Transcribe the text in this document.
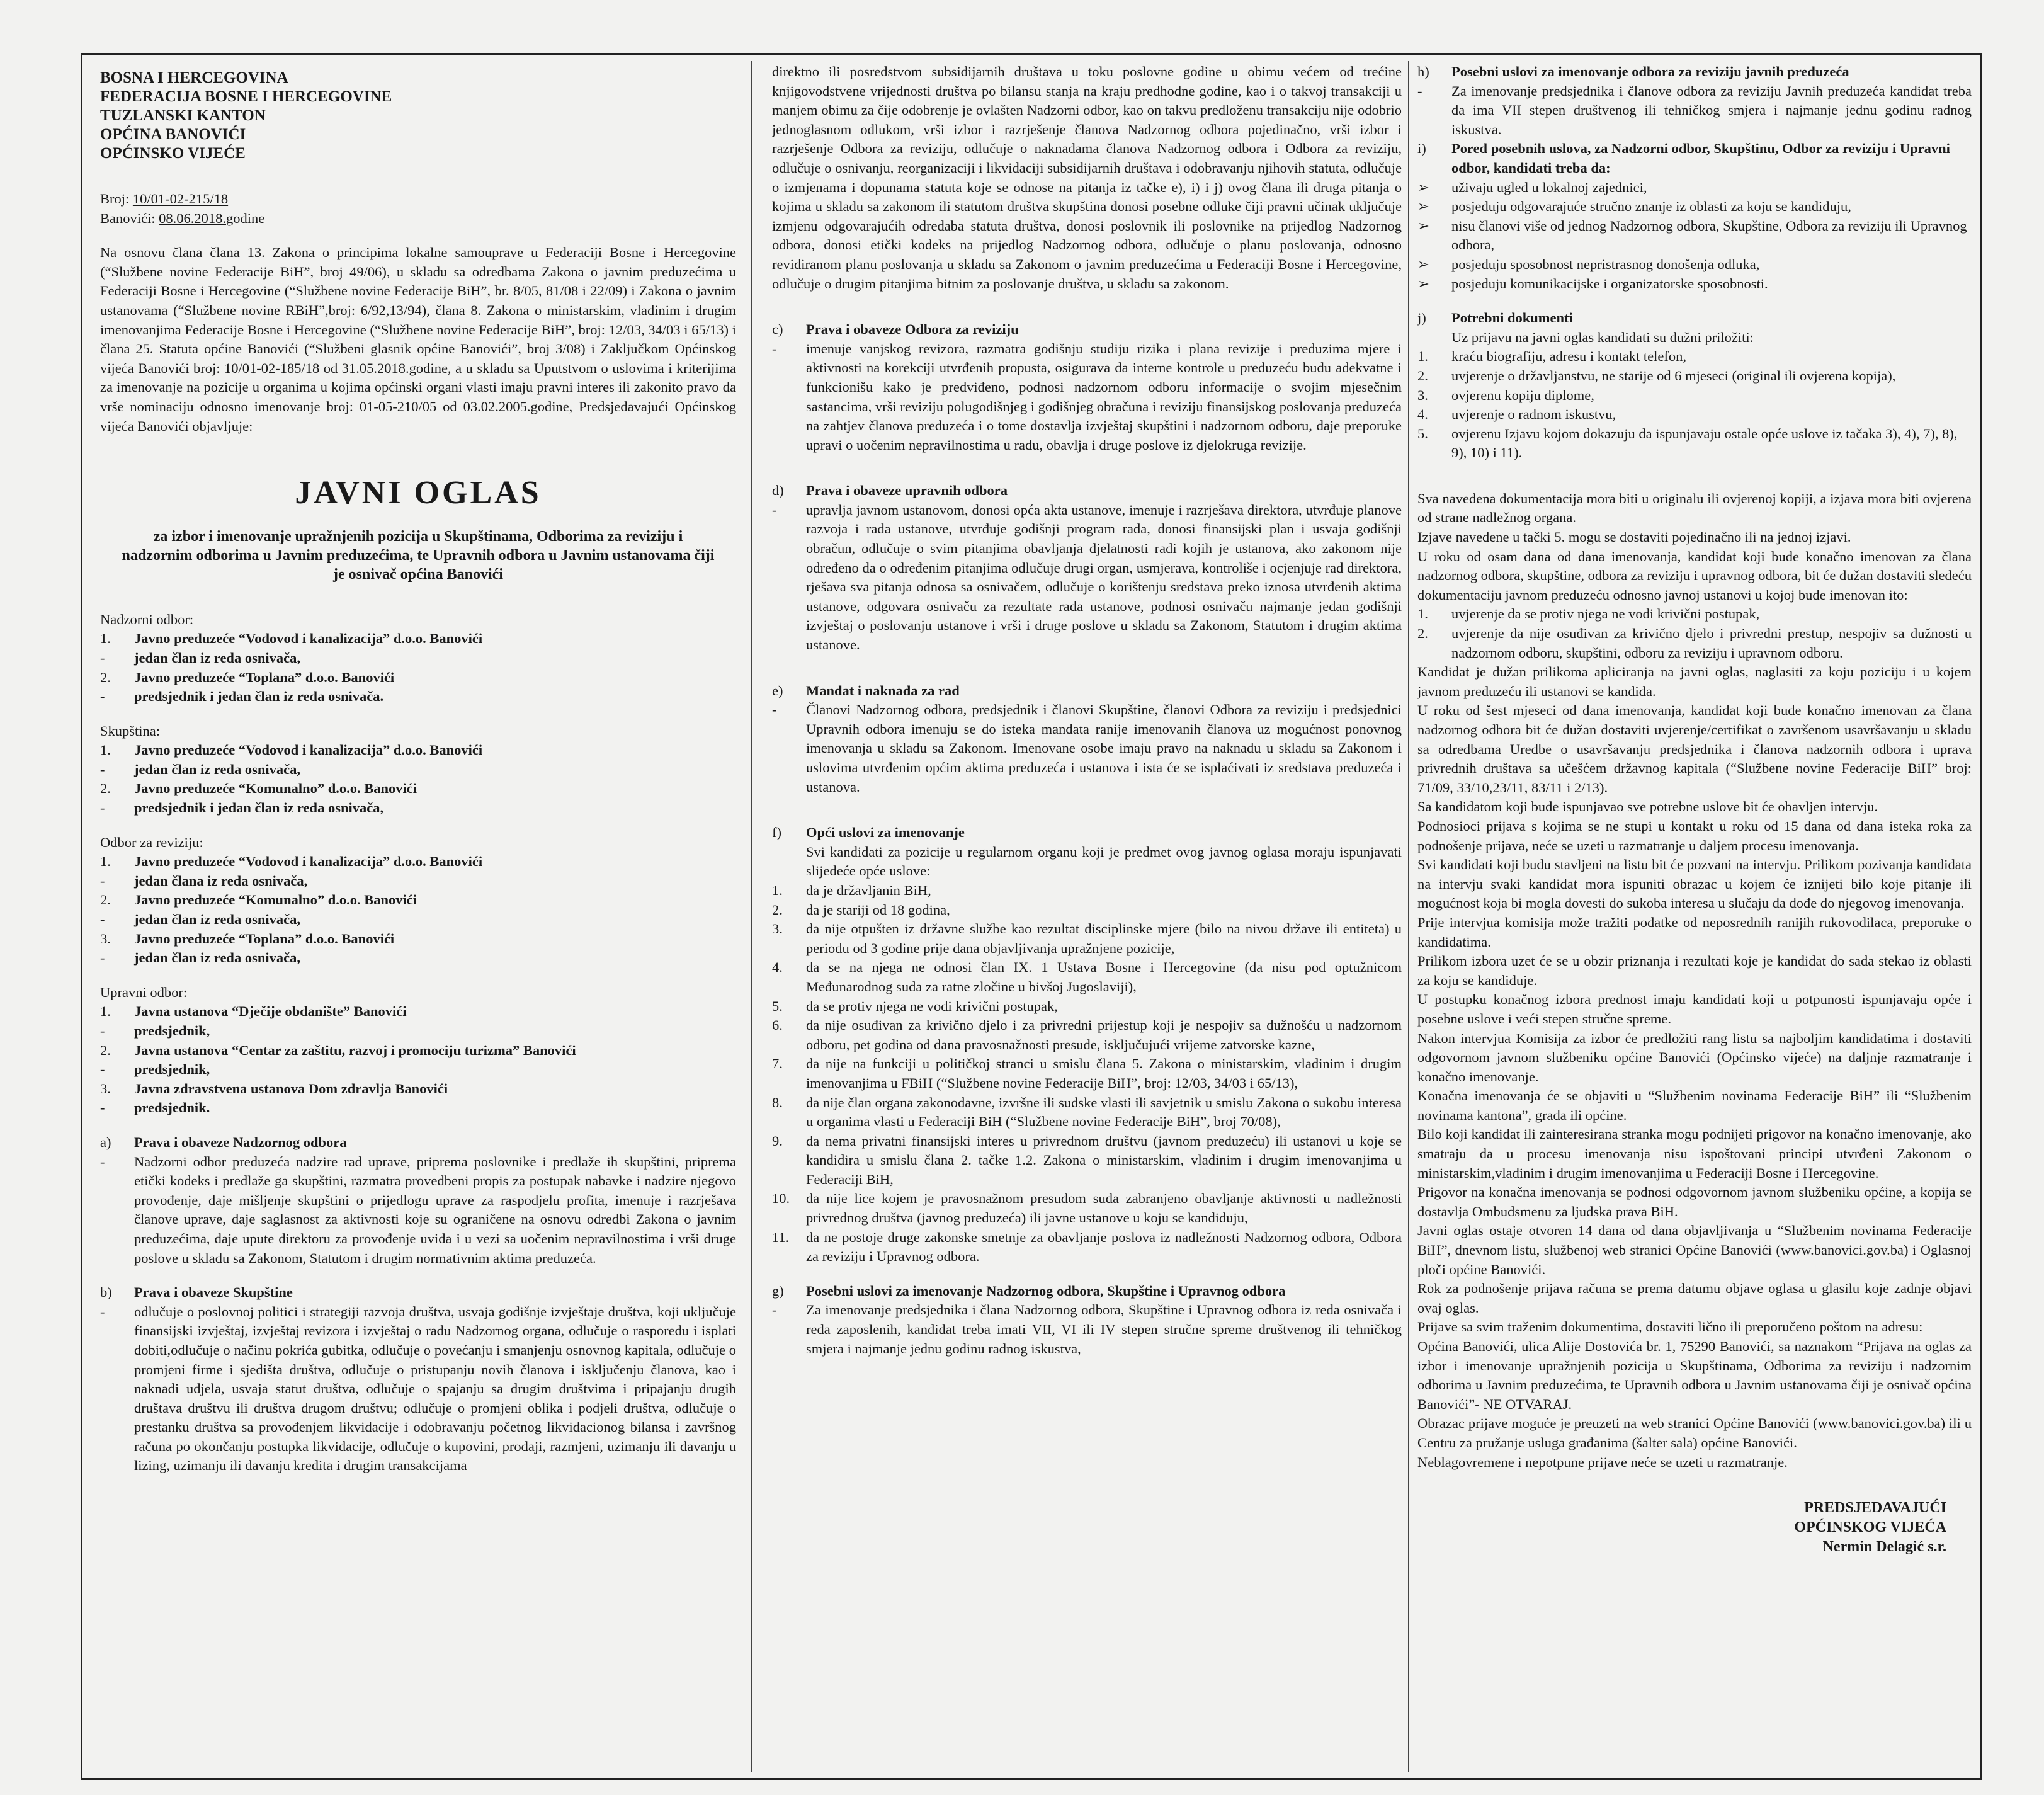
BOSNA I HERCEGOVINA

FEDERACIJA BOSNE I HERCEGOVINE

TUZLANSKI KANTON

OPĆINA BANOVIĆI

OPĆINSKO VIJEĆE

Broj: 10/01-02-215/18

Banovići: 08.06.2018.godine

Na osnovu člana člana 13. Zakona o principima lokalne samouprave u Federaciji Bosne i Hercegovine (“Službene novine Federacije BiH”, broj 49/06), u skladu sa odredbama Zakona o javnim preduzećima u Federaciji Bosne i Hercegovine (“Službene novine Federacije BiH”, br. 8/05, 81/08 i 22/09) i Zakona o javnim ustanovama (“Službene novine RBiH”,broj: 6/92,13/94), člana 8. Zakona o ministarskim, vladinim i drugim imenovanjima Federacije Bosne i Hercegovine (“Službene novine Federacije BiH”, broj: 12/03, 34/03 i 65/13) i člana 25. Statuta općine Banovići (“Službeni glasnik općine Banovići”, broj 3/08) i Zaključkom Općinskog vijeća Banovići broj: 10/01-02-185/18 od 31.05.2018.godine, a u skladu sa Uputstvom o uslovima i kriterijima za imenovanje na pozicije u organima u kojima općinski organi vlasti imaju pravni interes ili zakonito pravo da vrše nominaciju odnosno imenovanje broj: 01-05-210/05 od 03.02.2005.godine, Predsjedavajući Općinskog vijeća Banovići objavljuje:

JAVNI OGLAS

za izbor i imenovanje upražnjenih pozicija u Skupštinama, Odborima za reviziju i nadzornim odborima u Javnim preduzećima, te Upravnih odbora u Javnim ustanovama čiji je osnivač općina Banovići

Nadzorni odbor:

1.	Javno preduzeće “Vodovod i kanalizacija” d.o.o. Banovići
-	jedan član iz reda osnivača,
2.	Javno preduzeće “Toplana” d.o.o. Banovići
-	predsjednik i jedan član iz reda osnivača.

Skupština:

1.	Javno preduzeće “Vodovod i kanalizacija” d.o.o. Banovići
-	jedan član iz reda osnivača,
2.	Javno preduzeće “Komunalno” d.o.o. Banovići
-	predsjednik i jedan član iz reda osnivača,

Odbor za reviziju:

1.	Javno preduzeće “Vodovod i kanalizacija” d.o.o. Banovići
-	jedan člana iz reda osnivača,
2.	Javno preduzeće “Komunalno” d.o.o. Banovići
-	jedan član iz reda osnivača,
3.	Javno preduzeće “Toplana” d.o.o. Banovići
-	jedan član iz reda osnivača,

Upravni odbor:

1.	Javna ustanova “Dječije obdanište” Banovići
-	predsjednik,
2.	Javna ustanova “Centar za zaštitu, razvoj i promociju turizma” Banovići
-	predsjednik,
3.	Javna zdravstvena ustanova Dom zdravlja Banovići
-	predsjednik.
a)	Prava i obaveze Nadzornog odbora
-	Nadzorni odbor preduzeća nadzire rad uprave, priprema poslovnike i predlaže ih skupštini, priprema etički kodeks i predlaže ga skupštini, razmatra provedbeni propis za postupak nabavke i nadzire njegovo provođenje, daje mišljenje skupštini o prijedlogu uprave za raspodjelu profita, imenuje i razrješava članove uprave, daje saglasnost za aktivnosti koje su ograničene na osnovu odredbi Zakona o javnim preduzećima, daje upute direktoru za provođenje uvida i u vezi sa uočenim nepravilnostima i vrši druge poslove u skladu sa Zakonom, Statutom i drugim normativnim aktima preduzeća.
b)	Prava i obaveze Skupštine
-	odlučuje o poslovnoj politici i strategiji razvoja društva, usvaja godišnje izvještaje društva, koji uključuje finansijski izvještaj, izvještaj revizora i izvještaj o radu Nadzornog organa, odlučuje o rasporedu i isplati dobiti,odlučuje o načinu pokrića gubitka, odlučuje o povećanju i smanjenju osnovnog kapitala, odlučuje o promjeni firme i sjedišta društva, odlučuje o pristupanju novih članova i isključenju članova, kao i naknadi udjela, usvaja statut društva, odlučuje o spajanju sa drugim društvima i pripajanju drugih društava društvu ili društva drugom društvu; odlučuje o promjeni oblika i podjeli društva, odlučuje o prestanku društva sa provođenjem likvidacije i odobravanju početnog likvidacionog bilansa i završnog računa po okončanju postupka likvidacije, odlučuje o kupovini, prodaji, razmjeni, uzimanju ili davanju u lizing, uzimanju ili davanju kredita i drugim transakcijama

direktno ili posredstvom subsidijarnih društava u toku poslovne godine u obimu većem od trećine knjigovodstvene vrijednosti društva po bilansu stanja na kraju predhodne godine, kao i o takvoj transakciji u manjem obimu za čije odobrenje je ovlašten Nadzorni odbor, kao on takvu predloženu transakciju nije odobrio jednoglasnom odlukom, vrši izbor i razrješenje članova Nadzornog odbora pojedinačno, vrši izbor i razrješenje Odbora za reviziju, odlučuje o naknadama članova Nadzornog odbora i Odbora za reviziju, odlučuje o osnivanju, reorganizaciji i likvidaciji subsidijarnih društava i odobravanju njihovih statuta, odlučuje o izmjenama i dopunama statuta koje se odnose na pitanja iz tačke e), i) i j) ovog člana ili druga pitanja o kojima u skladu sa zakonom ili statutom društva skupština donosi posebne odluke čiji pravni učinak uključuje izmjenu odgovarajućih odredaba statuta društva, donosi poslovnik ili poslovnike na prijedlog Nadzornog odbora, donosi etički kodeks na prijedlog Nadzornog odbora, odlučuje o planu poslovanja, odnosno revidiranom planu poslovanja u skladu sa Zakonom o javnim preduzećima u Federaciji Bosne i Hercegovine, odlučuje o drugim pitanjima bitnim za poslovanje društva, u skladu sa zakonom.

c)	Prava i obaveze Odbora za reviziju
-	imenuje vanjskog revizora, razmatra godišnju studiju rizika i plana revizije i preduzima mjere i aktivnosti na korekciji utvrđenih propusta, osigurava da interne kontrole u preduzeću budu adekvatne i funkcionišu kako je predviđeno, podnosi nadzornom odboru informacije o svojim mjesečnim sastancima, vrši reviziju polugodišnjeg i godišnjeg obračuna i reviziju finansijskog poslovanja preduzeća na zahtjev članova preduzeća i o tome dostavlja izvještaj skupštini i nadzornom odboru, daje preporuke upravi o uočenim nepravilnostima u radu, obavlja i druge poslove iz djelokruga revizije.
d)	Prava i obaveze upravnih odbora
-	upravlja javnom ustanovom, donosi opća akta ustanove, imenuje i razrješava direktora, utvrđuje planove razvoja i rada ustanove, utvrđuje godišnji program rada, donosi finansijski plan i usvaja godišnji obračun, odlučuje o svim pitanjima obavljanja djelatnosti radi kojih je ustanova, ako zakonom nije određeno da o određenim pitanjima odlučuje drugi organ, usmjerava, kontroliše i ocjenjuje rad direktora, rješava sva pitanja odnosa sa osnivačem, odlučuje o korištenju sredstava preko iznosa utvrđenih aktima ustanove, odgovara osnivaču za rezultate rada ustanove, podnosi osnivaču najmanje jedan godišnji izvještaj o poslovanju ustanove i vrši i druge poslove u skladu sa Zakonom, Statutom i drugim aktima ustanove.
e)	Mandat i naknada za rad
-	Članovi Nadzornog odbora, predsjednik i članovi Skupštine, članovi Odbora za reviziju i predsjednici Upravnih odbora imenuju se do isteka mandata ranije imenovanih članova uz mogućnost ponovnog imenovanja u skladu sa Zakonom. Imenovane osobe imaju pravo na naknadu u skladu sa Zakonom i uslovima utvrđenim općim aktima preduzeća i ustanova i ista će se isplaćivati iz sredstava preduzeća i ustanova.
f)	Opći uslovi za imenovanje
Svi kandidati za pozicije u regularnom organu koji je predmet ovog javnog oglasa moraju ispunjavati slijedeće opće uslove:
1.	da je državljanin BiH,
2.	da je stariji od 18 godina,
3.	da nije otpušten iz državne službe kao rezultat disciplinske mjere (bilo na nivou države ili entiteta) u periodu od 3 godine prije dana objavljivanja upražnjene pozicije,
4.	da se na njega ne odnosi član IX. 1 Ustava Bosne i Hercegovine (da nisu pod optužnicom Međunarodnog suda za ratne zločine u bivšoj Jugoslaviji),
5.	da se protiv njega ne vodi krivični postupak,
6.	da nije osuđivan za krivično djelo i za privredni prijestup koji je nespojiv sa dužnošću u nadzornom odboru, pet godina od dana pravosnažnosti presude, isključujući vrijeme zatvorske kazne,
7.	da nije na funkciji u političkoj stranci u smislu člana 5. Zakona o ministarskim, vladinim i drugim imenovanjima u FBiH (“Službene novine Federacije BiH”, broj: 12/03, 34/03 i 65/13),
8.	da nije član organa zakonodavne, izvršne ili sudske vlasti ili savjetnik u smislu Zakona o sukobu interesa u organima vlasti u Federaciji BiH (“Službene novine Federacije BiH”, broj 70/08),
9.	da nema privatni finansijski interes u privrednom društvu (javnom preduzeću) ili ustanovi u koje se kandidira u smislu člana 2. tačke 1.2. Zakona o ministarskim, vladinim i drugim imenovanjima u Federaciji BiH,
10.	da nije lice kojem je pravosnažnom presudom suda zabranjeno obavljanje aktivnosti u nadležnosti privrednog društva (javnog preduzeća) ili javne ustanove u koju se kandiduju,
11.	da ne postoje druge zakonske smetnje za obavljanje poslova iz nadležnosti Nadzornog odbora, Odbora za reviziju i Upravnog odbora.
g)	Posebni uslovi za imenovanje Nadzornog odbora, Skupštine i Upravnog odbora
-	Za imenovanje predsjednika i člana Nadzornog odbora, Skupštine i Upravnog odbora iz reda osnivača i reda zaposlenih, kandidat treba imati VII, VI ili IV stepen stručne spreme društvenog ili tehničkog smjera i najmanje jednu godinu radnog iskustva,
h)	Posebni uslovi za imenovanje odbora za reviziju javnih preduzeća
-	Za imenovanje predsjednika i članove odbora za reviziju Javnih preduzeća kandidat treba da ima VII stepen društvenog ili tehničkog smjera i najmanje jednu godinu radnog iskustva.
i)	Pored posebnih uslova, za Nadzorni odbor, Skupštinu, Odbor za reviziju i Upravni odbor, kandidati treba da:
➢	uživaju ugled u lokalnoj zajednici,
➢	posjeduju odgovarajuće stručno znanje iz oblasti za koju se kandiduju,
➢	nisu članovi više od jednog Nadzornog odbora, Skupštine, Odbora za reviziju ili Upravnog odbora,
➢	posjeduju sposobnost nepristrasnog donošenja odluka,
➢	posjeduju komunikacijske i organizatorske sposobnosti.
j)	Potrebni dokumenti
Uz prijavu na javni oglas kandidati su dužni priložiti:
1.	kraću biografiju, adresu i kontakt telefon,
2.	uvjerenje o državljanstvu, ne starije od 6 mjeseci (original ili ovjerena kopija),
3.	ovjerenu kopiju diplome,
4.	uvjerenje o radnom iskustvu,
5.	ovjerenu Izjavu kojom dokazuju da ispunjavaju ostale opće uslove iz tačaka 3), 4), 7), 8), 9), 10) i 11).

Sva navedena dokumentacija mora biti u originalu ili ovjerenoj kopiji, a izjava mora biti ovjerena od strane nadležnog organa.

Izjave navedene u tački 5. mogu se dostaviti pojedinačno ili na jednoj izjavi.

U roku od osam dana od dana imenovanja, kandidat koji bude konačno imenovan za člana nadzornog odbora, skupštine, odbora za reviziju i upravnog odbora, bit će dužan dostaviti sledeću dokumentaciju javnom preduzeću odnosno javnoj ustanovi u kojoj bude imenovan ito:

1.	uvjerenje da se protiv njega ne vodi krivični postupak,
2.	uvjerenje da nije osuđivan za krivično djelo i privredni prestup, nespojiv sa dužnosti u nadzornom odboru, skupštini, odboru za reviziju i upravnom odboru.

Kandidat je dužan prilikoma apliciranja na javni oglas, naglasiti za koju poziciju i u kojem javnom preduzeću ili ustanovi se kandida.

U roku od šest mjeseci od dana imenovanja, kandidat koji bude konačno imenovan za člana nadzornog odbora bit će dužan dostaviti uvjerenje/certifikat o završenom usavršavanju u skladu sa odredbama Uredbe o usavršavanju predsjednika i članova nadzornih odbora i uprava privrednih društava sa učešćem državnog kapitala (“Službene novine Federacije BiH” broj: 71/09, 33/10,23/11, 83/11 i 2/13).

Sa kandidatom koji bude ispunjavao sve potrebne uslove bit će obavljen intervju.

Podnosioci prijava s kojima se ne stupi u kontakt u roku od 15 dana od dana isteka roka za podnošenje prijava, neće se uzeti u razmatranje u daljem procesu imenovanja.

Svi kandidati koji budu stavljeni na listu bit će pozvani na intervju. Prilikom pozivanja kandidata na intervju svaki kandidat mora ispuniti obrazac u kojem će iznijeti bilo koje pitanje ili mogućnost koja bi mogla dovesti do sukoba interesa u slučaju da dođe do njegovog imenovanja.

Prije intervjua komisija može tražiti podatke od neposrednih ranijih rukovodilaca, preporuke o kandidatima.

Prilikom izbora uzet će se u obzir priznanja i rezultati koje je kandidat do sada stekao iz oblasti za koju se kandiduje.

U postupku konačnog izbora prednost imaju kandidati koji u potpunosti ispunjavaju opće i posebne uslove i veći stepen stručne spreme.

Nakon intervjua Komisija za izbor će predložiti rang listu sa najboljim kandidatima i dostaviti odgovornom javnom službeniku općine Banovići (Općinsko vijeće) na daljnje razmatranje i konačno imenovanje.

Konačna imenovanja će se objaviti u “Službenim novinama Federacije BiH” ili “Službenim novinama kantona”, grada ili općine.

Bilo koji kandidat ili zainteresirana stranka mogu podnijeti prigovor na konačno imenovanje, ako smatraju da u procesu imenovanja nisu ispoštovani principi utvrđeni Zakonom o ministarskim,vladinim i drugim imenovanjima u Federaciji Bosne i Hercegovine.

Prigovor na konačna imenovanja se podnosi odgovornom javnom službeniku općine, a kopija se dostavlja Ombudsmenu za ljudska prava BiH.

Javni oglas ostaje otvoren 14 dana od dana objavljivanja u “Službenim novinama Federacije BiH”, dnevnom listu, službenoj web stranici Općine Banovići (www.banovici.gov.ba) i Oglasnoj ploči općine Banovići.

Rok za podnošenje prijava računa se prema datumu objave oglasa u glasilu koje zadnje objavi ovaj oglas.

Prijave sa svim traženim dokumentima, dostaviti lično ili preporučeno poštom na adresu:

Općina Banovići, ulica Alije Dostovića br. 1, 75290 Banovići, sa naznakom “Prijava na oglas za izbor i imenovanje upražnjenih pozicija u Skupštinama, Odborima za reviziju i nadzornim odborima u Javnim preduzećima, te Upravnih odbora u Javnim ustanovama čiji je osnivač općina Banovići”- NE OTVARAJ.

Obrazac prijave moguće je preuzeti na web stranici Općine Banovići (www.banovici.gov.ba) ili u Centru za pružanje usluga građanima (šalter sala) općine Banovići.

Neblagovremene i nepotpune prijave neće se uzeti u razmatranje.

PREDSJEDAVAJUĆI

OPĆINSKOG VIJEĆA

Nermin Delagić s.r.
